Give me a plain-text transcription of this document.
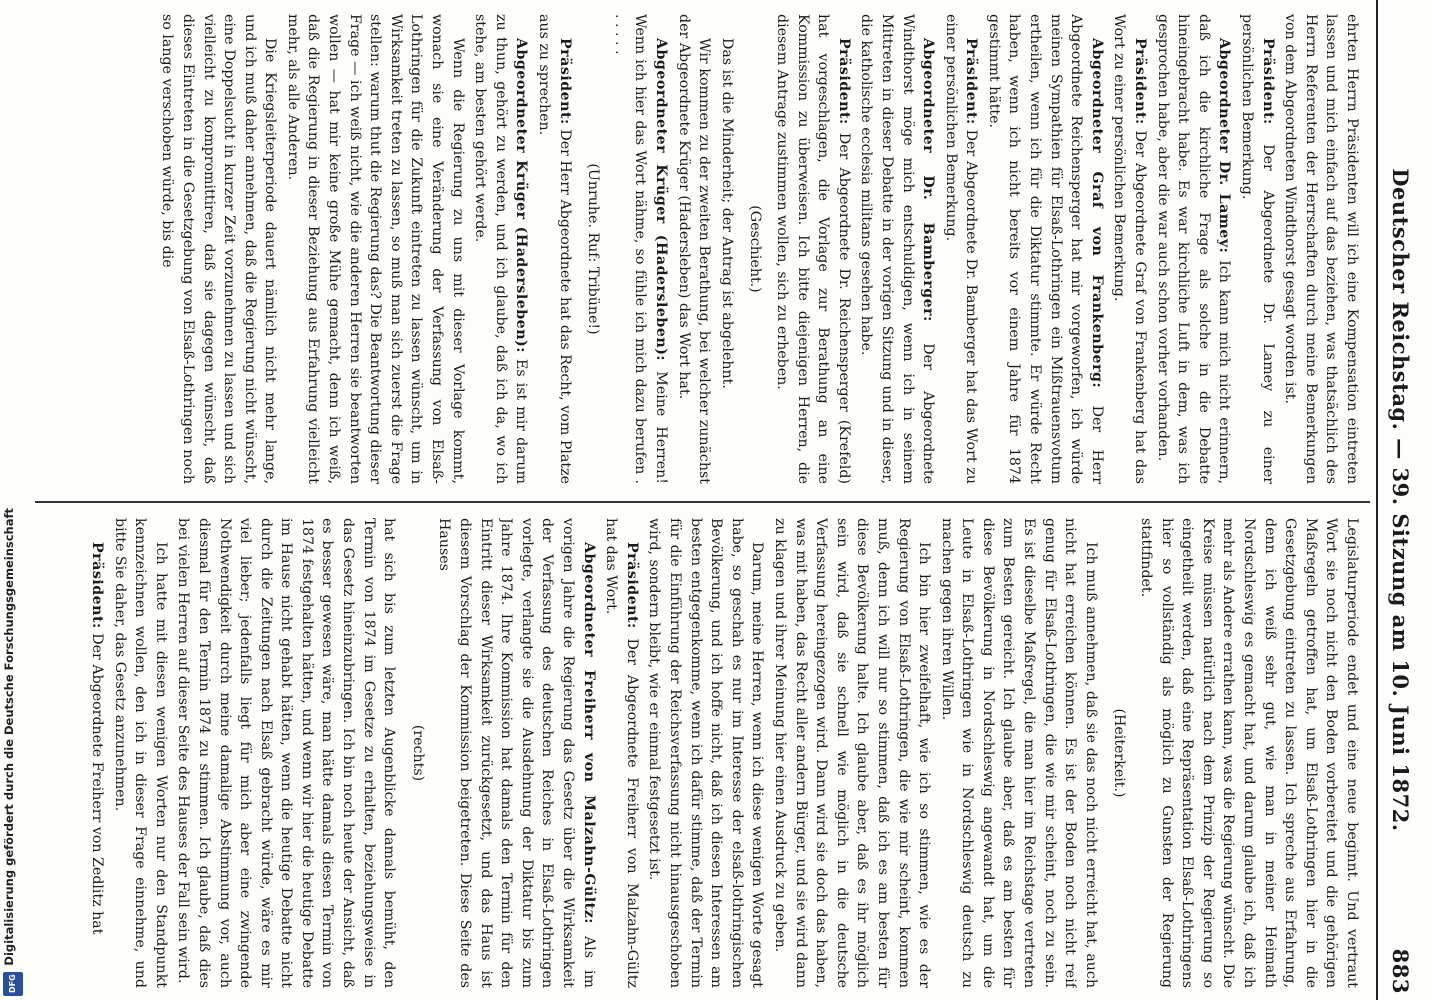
Deutscher Reichstag. — 39. Sitzung am 10. Juni 1872.
883

ehrten Herrn Präsidenten will ich eine Kompensation eintreten lassen und mich einfach auf das beziehen, was thatsächlich des Herrn Referenten der Herrschaften durch meine Bemerkungen von dem Abgeordneten Windthorst gesagt worden ist.

Präsident: Der Abgeordnete Dr. Lamey zu einer persönlichen Bemerkung.

Abgeordneter Dr. Lamey: Ich kann mich nicht erinnern, daß ich die kirchliche Frage als solche in die Debatte hineingebracht habe. Es war kirchliche Luft in dem, was ich gesprochen habe, aber die war auch schon vorher vorhanden.

Präsident: Der Abgeordnete Graf von Frankenberg hat das Wort zu einer persönlichen Bemerkung.

Abgeordneter Graf von Frankenberg: Der Herr Abgeordnete Reichensperger hat mir vorgeworfen, ich würde meinen Sympathien für Elsaß-Lothringen ein Mißtrauensvotum ertheilen, wenn ich für die Diktatur stimmte. Er würde Recht haben, wenn ich nicht bereits vor einem Jahre für 1874 gestimmt hätte.

Präsident: Der Abgeordnete Dr. Bamberger hat das Wort zu einer persönlichen Bemerkung.

Abgeordneter Dr. Bamberger: Der Abgeordnete Windthorst möge mich entschuldigen, wenn ich in seinem Mittreten in dieser Debatte in der vorigen Sitzung und in dieser, die katholische ecclesia militans gesehen habe.

Präsident: Der Abgeordnete Dr. Reichensperger (Krefeld) hat vorgeschlagen, die Vorlage zur Berathung an eine Kommission zu überweisen. Ich bitte diejenigen Herren, die diesem Antrage zustimmen wollen, sich zu erheben.

(Geschieht.)

Das ist die Minderheit; der Antrag ist abgelehnt.

Wir kommen zu der zweiten Berathung, bei welcher zunächst der Abgeordnete Krüger (Hadersleben) das Wort hat.

Abgeordneter Krüger (Hadersleben): Meine Herren! Wenn ich hier das Wort nähme, so fühle ich mich dazu berufen . . . . . .

(Unruhe. Ruf: Tribüne!)

Präsident: Der Herr Abgeordnete hat das Recht, vom Platze aus zu sprechen.

Abgeordneter Krüger (Hadersleben): Es ist mir darum zu thun, gehört zu werden, und ich glaube, daß ich da, wo ich stehe, am besten gehört werde.

Wenn die Regierung zu uns mit dieser Vorlage kommt, wonach sie eine Veränderung der Verfassung von Elsaß-Lothringen für die Zukunft eintreten zu lassen wünscht, um in Wirksamkeit treten zu lassen, so muß man sich zuerst die Frage stellen: warum thut die Regierung das? Die Beantwortung dieser Frage — ich weiß nicht, wie die anderen Herren sie beantworten wollen — hat mir keine große Mühe gemacht, denn ich weiß, daß die Regierung in dieser Beziehung aus Erfahrung vielleicht mehr, als alle Anderen.

Die Kriegsleiterperiode dauert nämlich nicht mehr lange, und ich muß daher annehmen, daß die Regierung nicht wünscht, eine Doppelsucht in kurzer Zeit vorzunehmen zu lassen und sich vielleicht zu kompromittiren, daß sie dagegen wünscht, daß dieses Eintreten in die Gesetzgebung von Elsaß-Lothringen noch so lange verschoben würde, bis die

Legislaturperiode endet und eine neue beginnt. Und vertraut Wort sie noch nicht den Boden vorbereitet und die gehörigen Maßregeln getroffen hat, um Elsaß-Lothringen hier in die Gesetzgebung eintreten zu lassen. Ich spreche aus Erfahrung, denn ich weiß sehr gut, wie man in meiner Heimath Nordschleswig es gemacht hat, und darum glaube ich, daß ich mehr als Andere errathen kann, was die Regierung wünscht. Die Kreise müssen natürlich nach dem Prinzip der Regierung so eingetheilt werden, daß eine Repräsentation Elsaß-Lothringens hier so vollständig als möglich zu Gunsten der Regierung stattfindet.

(Heiterkeit.)

Ich muß annehmen, daß sie das noch nicht erreicht hat, auch nicht hat erreichen können. Es ist der Boden noch nicht reif genug für Elsaß-Lothringen, die wie mir scheint, noch zu sein. Es ist dieselbe Maßregel, die man hier im Reichstage vertreten zum Besten gereicht. Ich glaube aber, daß es am besten für diese Bevölkerung in Nordschleswig angewandt hat, um die Leute in Elsaß-Lothringen wie in Nordschleswig deutsch zu machen gegen ihren Willen.

Ich bin hier zweifelhaft, wie ich so stimmen, wie es der Regierung von Elsaß-Lothringen, die wie mir scheint, kommen muß, denn ich will nur so stimmen, daß ich es am besten für diese Bevölkerung halte. Ich glaube aber, daß es ihr möglich sein wird, daß sie schnell wie möglich in die deutsche Verfassung hereingezogen wird. Dann wird sie doch das haben, was mit haben, das Recht aller andern Bürger, und sie wird dann zu klagen und ihrer Meinung hier einen Ausdruck zu geben.

Darum, meine Herren, wenn ich diese wenigen Worte gesagt habe, so geschah es nur im Interesse der elsaß-lothringischen Bevölkerung, und ich hoffe nicht, daß ich diesen Interessen am besten entgegenkomme, wenn ich dafür stimme, daß der Termin für die Einführung der Reichsverfassung nicht hinausgeschoben wird, sondern bleibt, wie er einmal festgesetzt ist.

Präsident: Der Abgeordnete Freiherr von Malzahn-Gültz hat das Wort.

Abgeordneter Freiherr von Malzahn-Gültz: Als im vorigen Jahre die Regierung das Gesetz über die Wirksamkeit der Verfassung des deutschen Reiches in Elsaß-Lothringen vorlegte, verlangte sie die Ausdehnung der Diktatur bis zum Jahre 1874. Ihre Kommission hat damals den Termin für den Eintritt dieser Wirksamkeit zurückgesetzt, und das Haus ist diesem Vorschlag der Kommission beigetreten. Diese Seite des Hauses

(rechts)

hat sich bis zum letzten Augenblicke damals bemüht, den Termin von 1874 im Gesetze zu erhalten, beziehungsweise in das Gesetz hineinzubringen. Ich bin noch heute der Ansicht, daß es besser gewesen wäre, man hätte damals diesen Termin von 1874 festgehalten hätten, und wenn wir hier die heutige Debatte im Hause nicht gehabt hätten, wenn die heutige Debatte nicht durch die Zeitungen nach Elsaß gebracht würde, wäre es mir viel lieber; jedenfalls liegt für mich aber eine zwingende Nothwendigkeit durch meine damalige Abstimmung vor, auch diesmal für den Termin 1874 zu stimmen. Ich glaube, daß dies bei vielen Herren auf dieser Seite des Hauses der Fall sein wird.

Ich hatte mit diesen wenigen Worten nur den Standpunkt kennzeichnen wollen, den ich in dieser Frage einnehme, und bitte Sie daher, das Gesetz anzunehmen.

Präsident: Der Abgeordnete Freiherr von Zedlitz hat

Digitalisierung gefördert durch die Deutsche Forschungsgemeinschaft
DFG
